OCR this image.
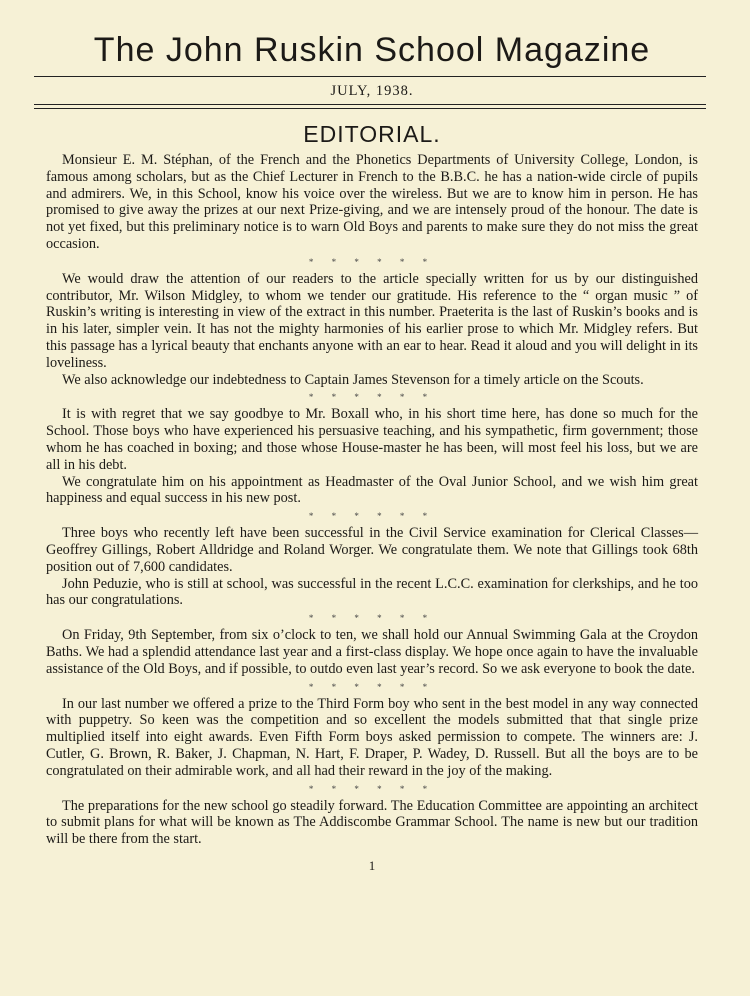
The John Ruskin School Magazine
JULY, 1938.
EDITORIAL.

Monsieur E. M. Stéphan, of the French and the Phonetics Departments of University College, London, is famous among scholars, but as the Chief Lecturer in French to the B.B.C. he has a nation-wide circle of pupils and admirers. We, in this School, know his voice over the wireless. But we are to know him in person. He has promised to give away the prizes at our next Prize-giving, and we are intensely proud of the honour. The date is not yet fixed, but this preliminary notice is to warn Old Boys and parents to make sure they do not miss the great occasion.

* * * * * *

We would draw the attention of our readers to the article specially written for us by our distinguished contributor, Mr. Wilson Midgley, to whom we tender our gratitude. His reference to the “ organ music ” of Ruskin’s writing is interesting in view of the extract in this number. Praeterita is the last of Ruskin’s books and is in his later, simpler vein. It has not the mighty harmonies of his earlier prose to which Mr. Midgley refers. But this passage has a lyrical beauty that enchants anyone with an ear to hear. Read it aloud and you will delight in its loveliness.

We also acknowledge our indebtedness to Captain James Stevenson for a timely article on the Scouts.

* * * * * *

It is with regret that we say goodbye to Mr. Boxall who, in his short time here, has done so much for the School. Those boys who have experienced his persuasive teaching, and his sympathetic, firm government; those whom he has coached in boxing; and those whose House-master he has been, will most feel his loss, but we are all in his debt.

We congratulate him on his appointment as Headmaster of the Oval Junior School, and we wish him great happiness and equal success in his new post.

* * * * * *

Three boys who recently left have been successful in the Civil Service examination for Clerical Classes—Geoffrey Gillings, Robert Alldridge and Roland Worger. We congratulate them. We note that Gillings took 68th position out of 7,600 candidates.

John Peduzie, who is still at school, was successful in the recent L.C.C. examination for clerkships, and he too has our congratulations.

* * * * * *

On Friday, 9th September, from six o’clock to ten, we shall hold our Annual Swimming Gala at the Croydon Baths. We had a splendid attendance last year and a first-class display. We hope once again to have the invaluable assistance of the Old Boys, and if possible, to outdo even last year’s record. So we ask everyone to book the date.

* * * * * *

In our last number we offered a prize to the Third Form boy who sent in the best model in any way connected with puppetry. So keen was the competition and so excellent the models submitted that that single prize multiplied itself into eight awards. Even Fifth Form boys asked permission to compete. The winners are: J. Cutler, G. Brown, R. Baker, J. Chapman, N. Hart, F. Draper, P. Wadey, D. Russell. But all the boys are to be congratulated on their admirable work, and all had their reward in the joy of the making.

* * * * * *

The preparations for the new school go steadily forward. The Education Committee are appointing an architect to submit plans for what will be known as The Addiscombe Grammar School. The name is new but our tradition will be there from the start.

1
